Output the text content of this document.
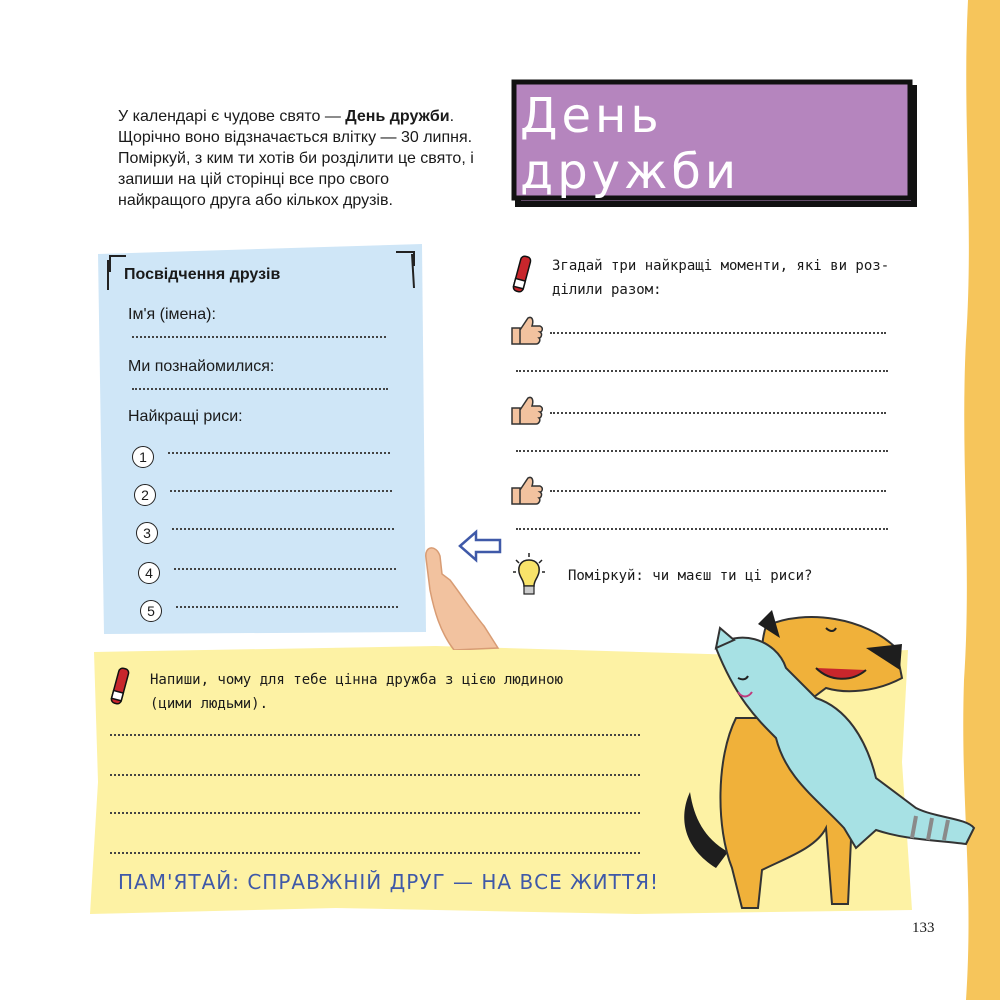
У календарі є чудове свято — День дружби. Щорічно воно відзначається влітку — 30 липня. Поміркуй, з ким ти хотів би розділити це свято, і запиши на цій сторінці все про свого найкращого друга або кількох друзів.

День дружби

Посвідчення друзів

Ім'я (імена):

Ми познайомилися:

Найкращі риси:

1
2
3
4
5

Згадай три найкращі моменти, які ви роз-

ділили разом:

Поміркуй: чи маєш ти ці риси?

Напиши, чому для тебе цінна дружба з цією людиною

(цими людьми).

ПАМ'ЯТАЙ: СПРАВЖНІЙ ДРУГ — НА ВСЕ ЖИТТЯ!

133
